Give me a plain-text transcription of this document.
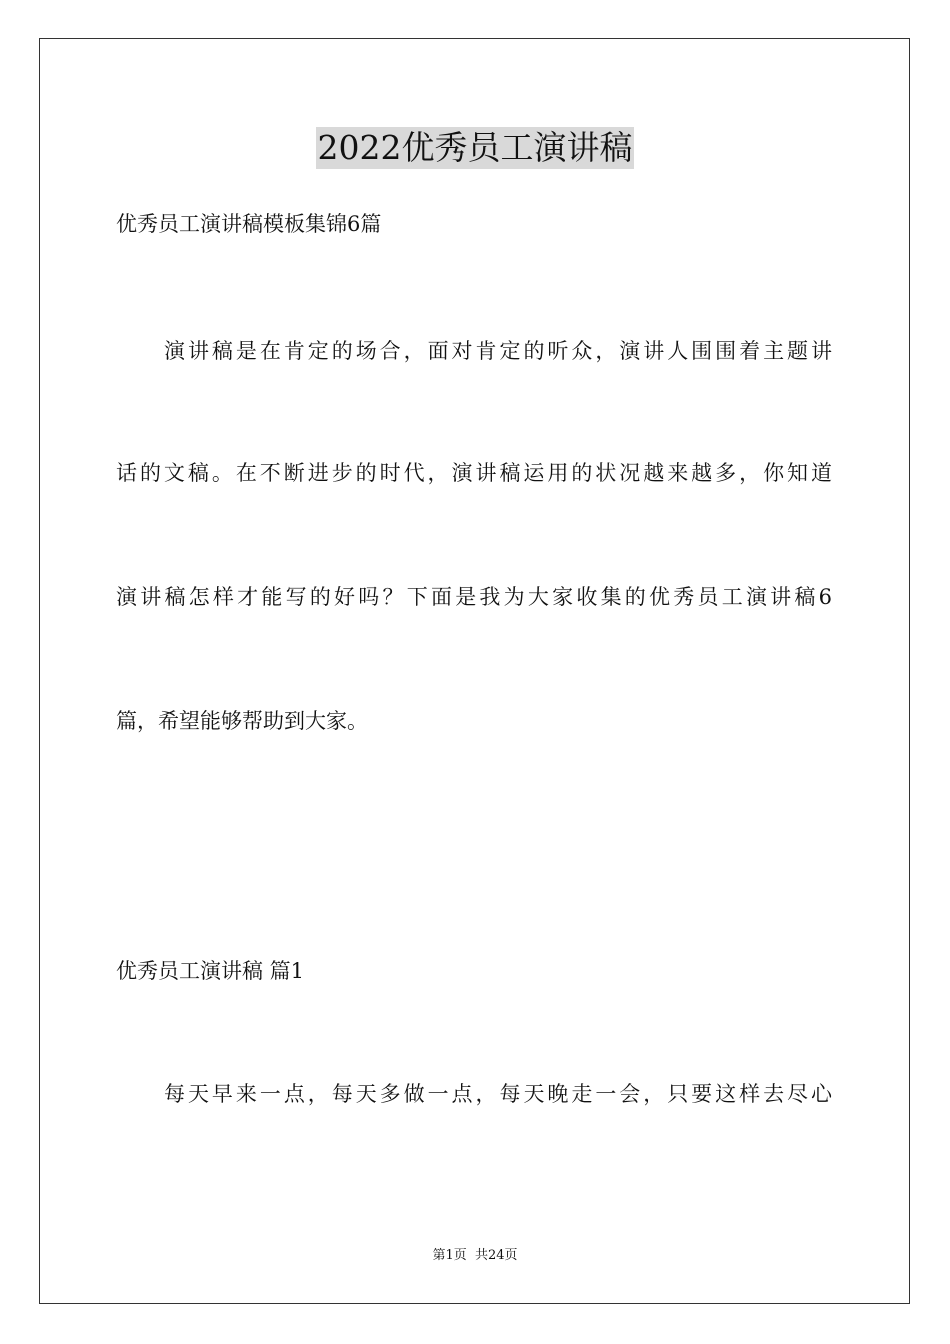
2022优秀员工演讲稿
优秀员工演讲稿模板集锦6篇
演讲稿是在肯定的场合，面对肯定的听众，演讲人围围着主题讲
话的文稿。在不断进步的时代，演讲稿运用的状况越来越多，你知道
演讲稿怎样才能写的好吗？下面是我为大家收集的优秀员工演讲稿6
篇，希望能够帮助到大家。
优秀员工演讲稿 篇1
每天早来一点，每天多做一点，每天晚走一会，只要这样去尽心
第1页  共24页
